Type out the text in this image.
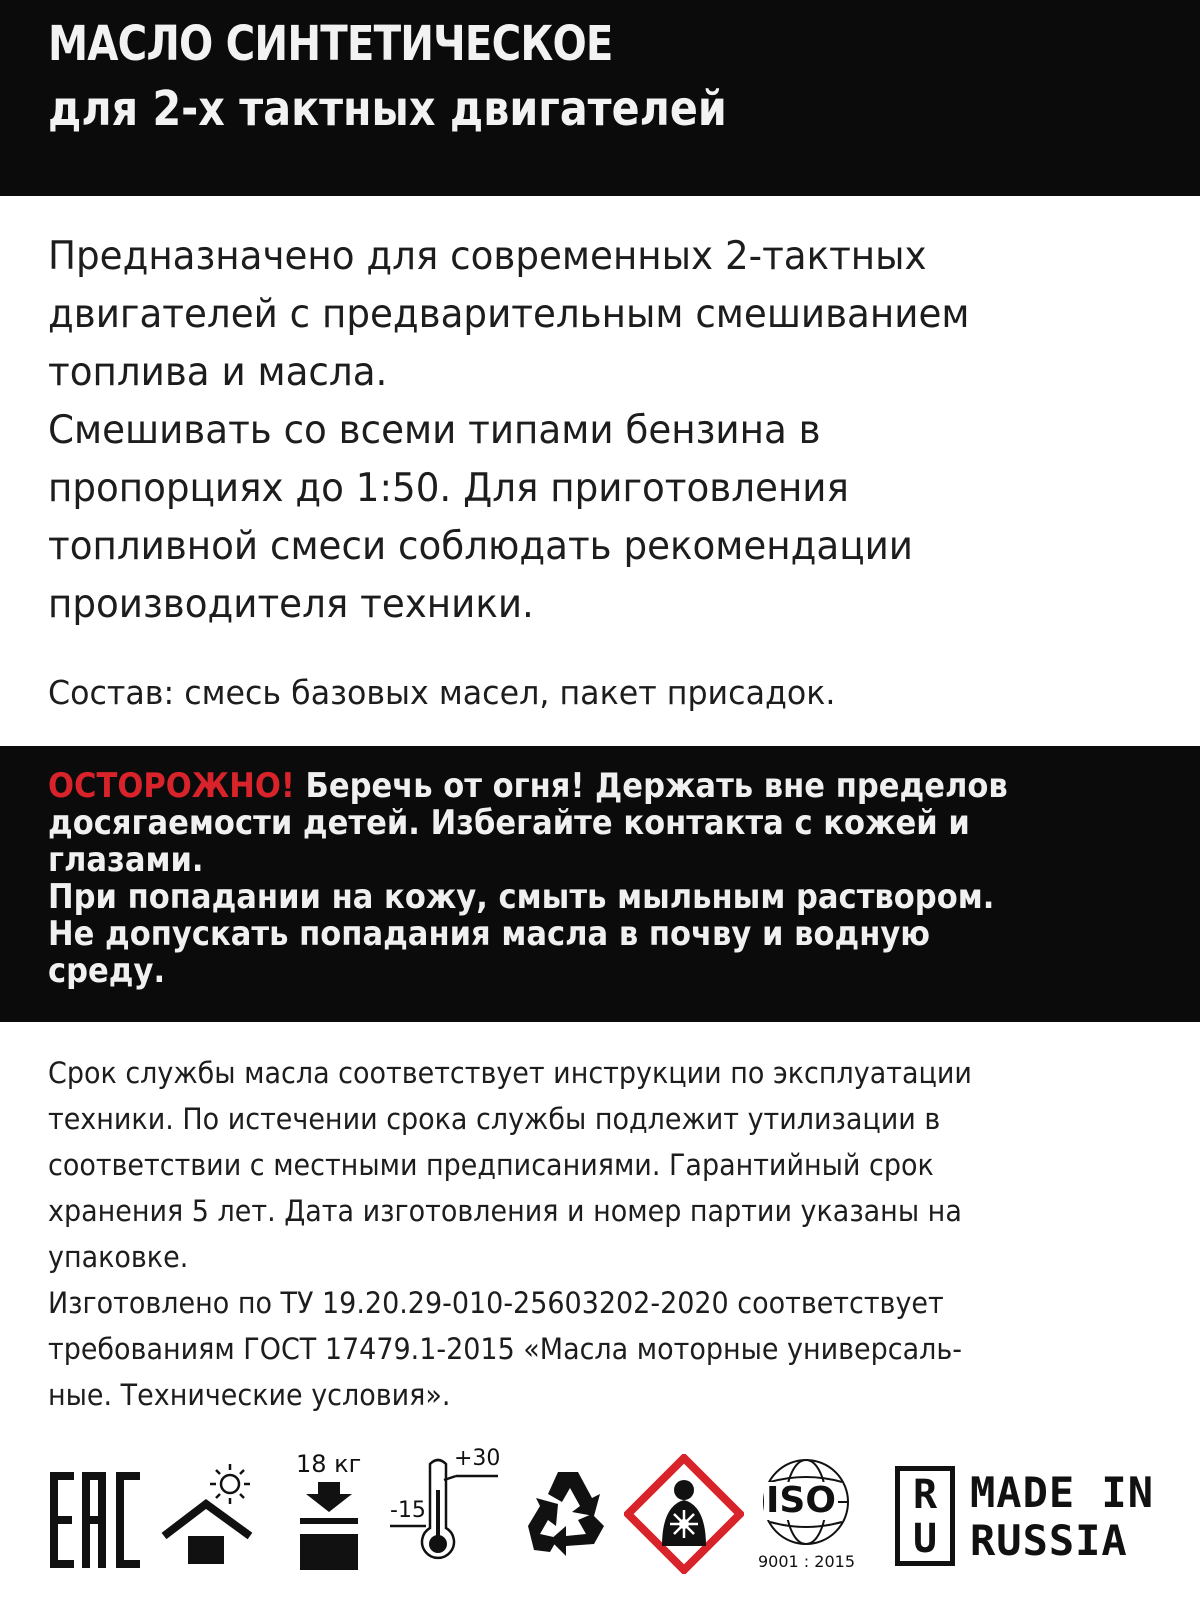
МАСЛО СИНТЕТИЧЕСКОЕ
для 2-х тактных двигателей

Предназначено для современных 2-тактных

двигателей с предварительным смешиванием

топлива и масла.

Смешивать со всеми типами бензина в

пропорциях до 1:50. Для приготовления

топливной смеси соблюдать рекомендации

производителя техники.

Состав: смесь базовых масел, пакет присадок.

ОСТОРОЖНО! Беречь от огня! Держать вне пределов

досягаемости детей. Избегайте контакта с кожей и

глазами.

При попадании на кожу, смыть мыльным раствором.

Не допускать попадания масла в почву и водную

среду.

Срок службы масла соответствует инструкции по эксплуатации

техники. По истечении срока службы подлежит утилизации в

соответствии с местными предписаниями. Гарантийный срок

хранения 5 лет. Дата изготовления и номер партии указаны на

упаковке.

Изготовлено по ТУ 19.20.29-010-25603202-2020 соответствует

требованиям ГОСТ 17479.1-2015 «Масла моторные универсаль-

ные. Технические условия».

18 кг	+30
-15	ISO
9001 : 2015
R
U
MADE IN
RUSSIA
